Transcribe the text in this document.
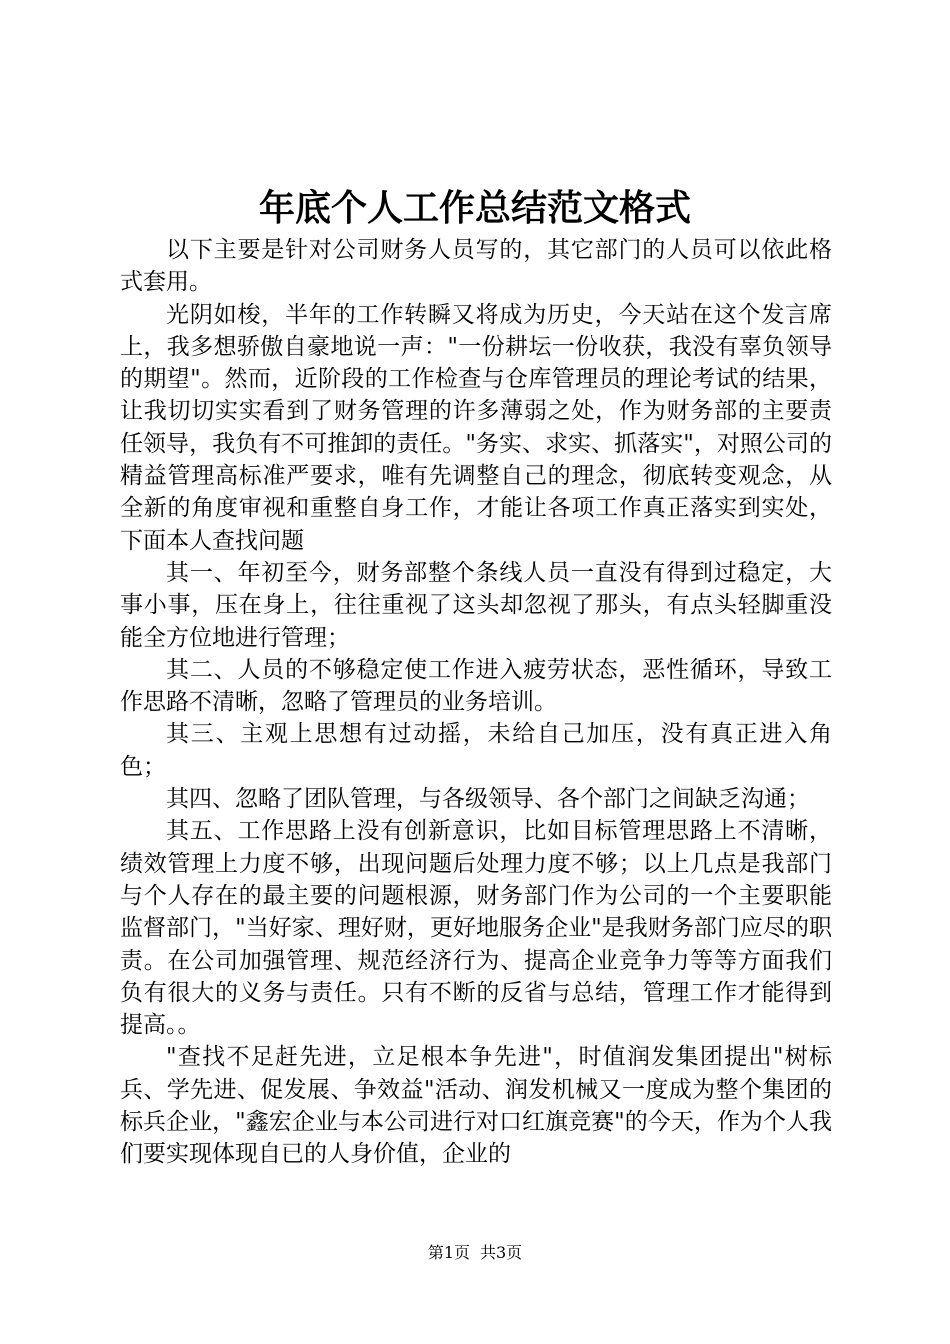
年底个人工作总结范文格式

以下主要是针对公司财务人员写的，其它部门的人员可以依此格式套用。

光阴如梭，半年的工作转瞬又将成为历史，今天站在这个发言席上，我多想骄傲自豪地说一声："一份耕坛一份收获，我没有辜负领导的期望"。然而，近阶段的工作检查与仓库管理员的理论考试的结果，让我切切实实看到了财务管理的许多薄弱之处，作为财务部的主要责任领导，我负有不可推卸的责任。"务实、求实、抓落实"，对照公司的精益管理高标准严要求，唯有先调整自己的理念，彻底转变观念，从全新的角度审视和重整自身工作，才能让各项工作真正落实到实处，下面本人查找问题

其一、年初至今，财务部整个条线人员一直没有得到过稳定，大事小事，压在身上，往往重视了这头却忽视了那头，有点头轻脚重没能全方位地进行管理；

其二、人员的不够稳定使工作进入疲劳状态，恶性循环，导致工作思路不清晰，忽略了管理员的业务培训。

其三、主观上思想有过动摇，未给自己加压，没有真正进入角色；

其四、忽略了团队管理，与各级领导、各个部门之间缺乏沟通；

其五、工作思路上没有创新意识，比如目标管理思路上不清晰，绩效管理上力度不够，出现问题后处理力度不够；以上几点是我部门与个人存在的最主要的问题根源，财务部门作为公司的一个主要职能监督部门，"当好家、理好财，更好地服务企业"是我财务部门应尽的职责。在公司加强管理、规范经济行为、提高企业竞争力等等方面我们负有很大的义务与责任。只有不断的反省与总结，管理工作才能得到提高。。

"查找不足赶先进，立足根本争先进"，时值润发集团提出"树标兵、学先进、促发展、争效益"活动、润发机械又一度成为整个集团的标兵企业，"鑫宏企业与本公司进行对口红旗竞赛"的今天，作为个人我们要实现体现自已的人身价值，企业的

第1页 共3页
